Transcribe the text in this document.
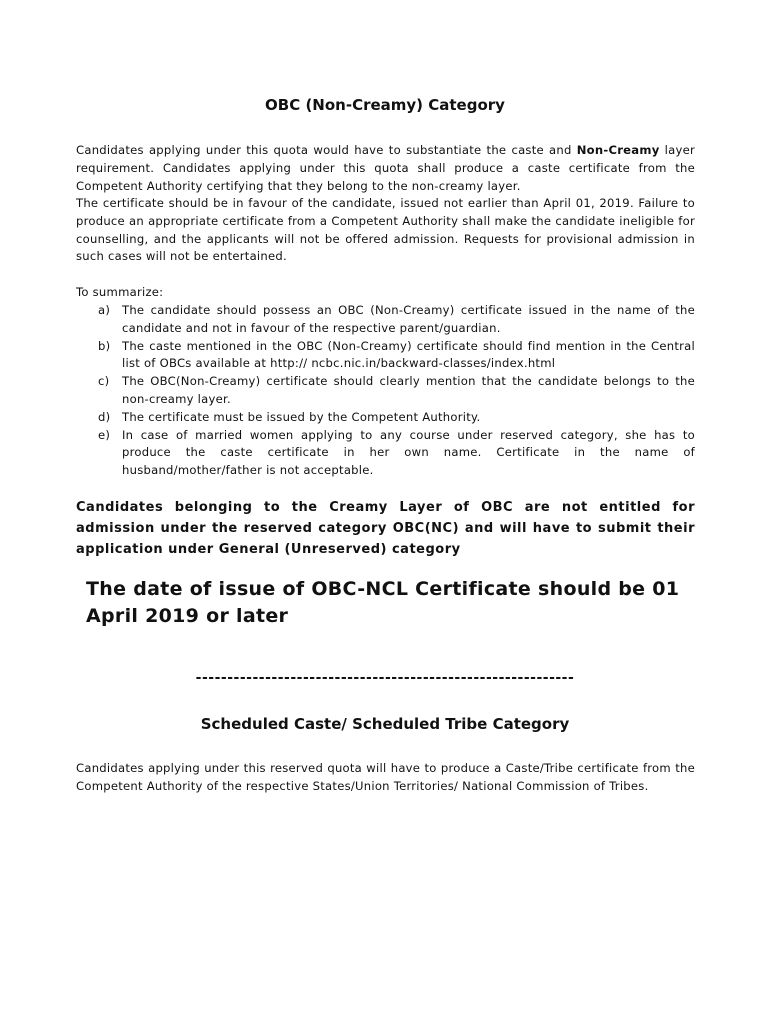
OBC (Non-Creamy) Category
Candidates applying under this quota would have to substantiate the caste and Non-Creamy layer requirement. Candidates applying under this quota shall produce a caste certificate from the Competent Authority certifying that they belong to the non-creamy layer.
The certificate should be in favour of the candidate, issued not earlier than April 01, 2019. Failure to produce an appropriate certificate from a Competent Authority shall make the candidate ineligible for counselling, and the applicants will not be offered admission. Requests for provisional admission in such cases will not be entertained.
To summarize:
a) The candidate should possess an OBC (Non-Creamy) certificate issued in the name of the candidate and not in favour of the respective parent/guardian.
b) The caste mentioned in the OBC (Non-Creamy) certificate should find mention in the Central list of OBCs available at http:// ncbc.nic.in/backward-classes/index.html
c) The OBC(Non-Creamy) certificate should clearly mention that the candidate belongs to the non-creamy layer.
d) The certificate must be issued by the Competent Authority.
e) In case of married women applying to any course under reserved category, she has to produce the caste certificate in her own name. Certificate in the name of husband/mother/father is not acceptable.
Candidates belonging to the Creamy Layer of OBC are not entitled for admission under the reserved category OBC(NC) and will have to submit their application under General (Unreserved) category
The date of issue of OBC-NCL Certificate should be 01 April 2019 or later
------------------------------------------------------------
Scheduled Caste/ Scheduled Tribe Category
Candidates applying under this reserved quota will have to produce a Caste/Tribe certificate from the Competent Authority of the respective States/Union Territories/ National Commission of Tribes.
